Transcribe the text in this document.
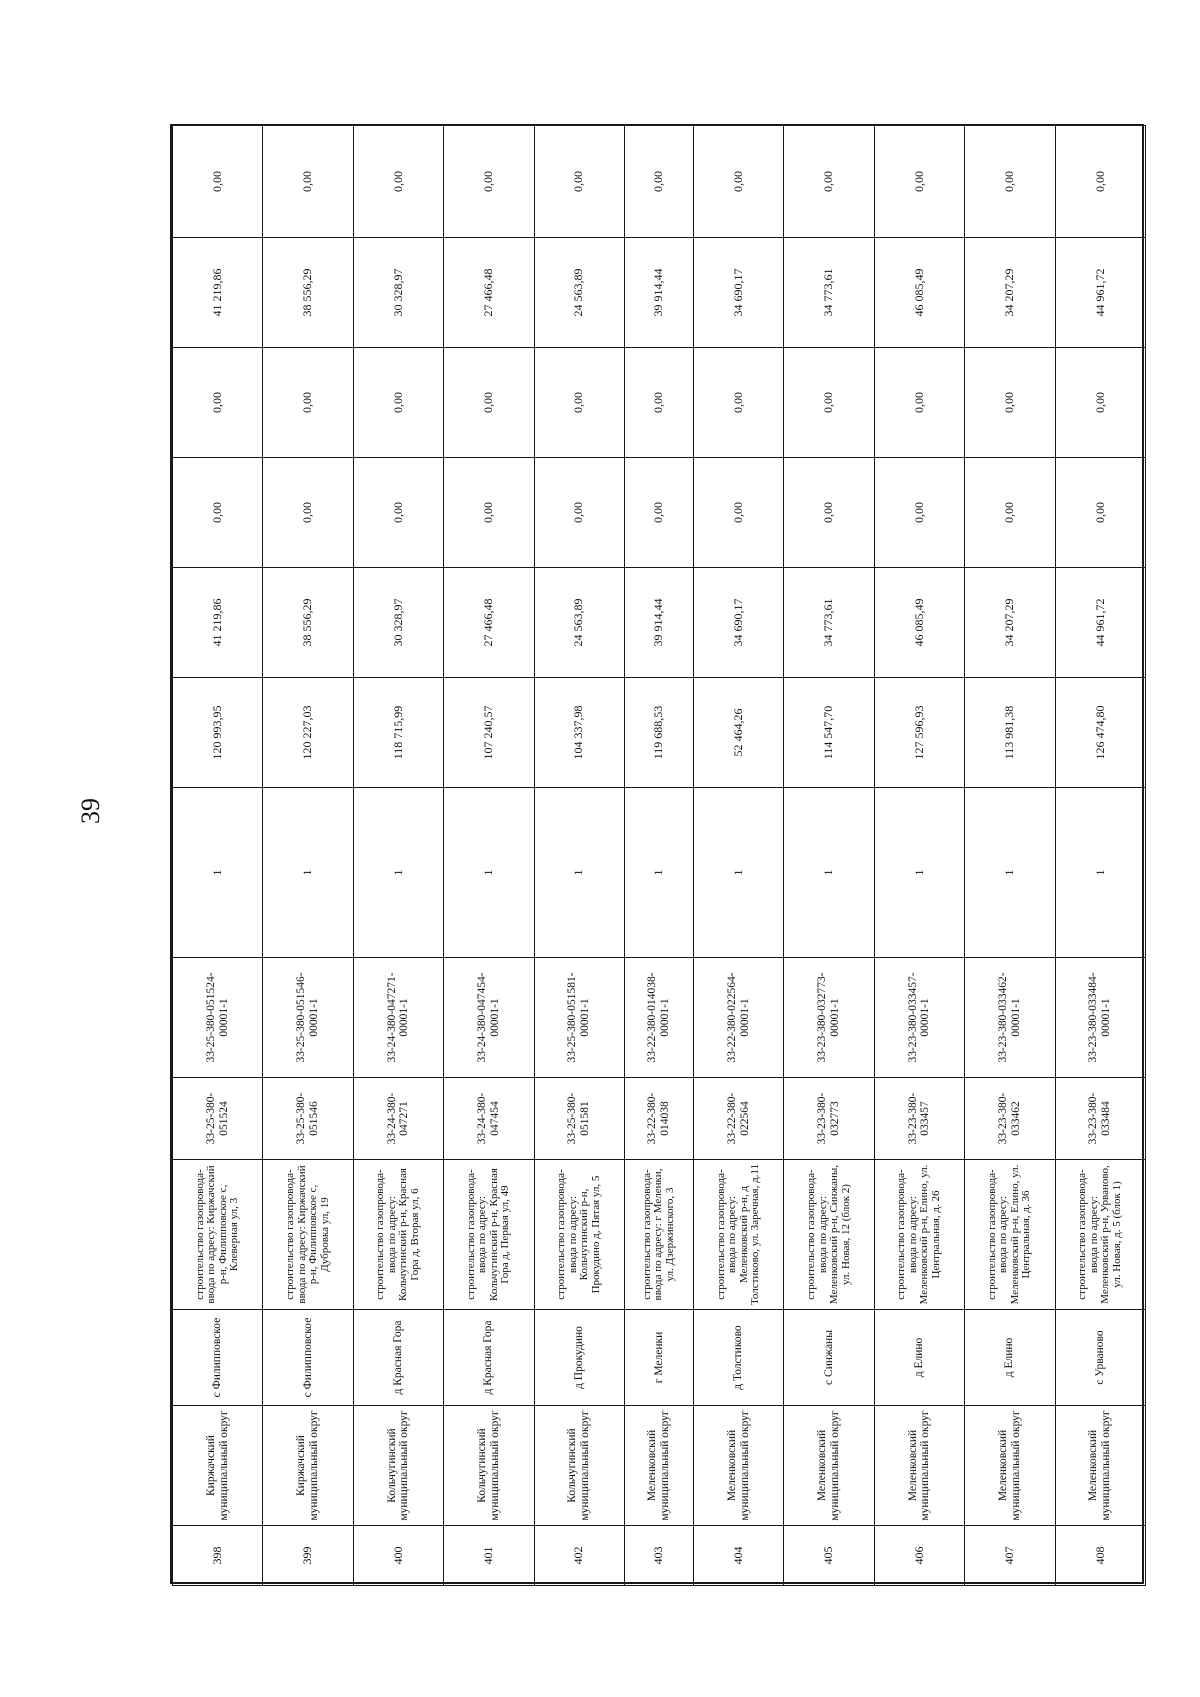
39
398	Киржачский муниципальный округ	с Филипповское	строительство газопровода-ввода по адресу: Киржачский р-н, Филипповское с, Клеверная ул, 3	33-25-380-051524	33-25-380-051524-00001-1	1	120 993,95	41 219,86	0,00	0,00	41 219,86	0,00
399	Киржачский муниципальный округ	с Филипповское	строительство газопровода-ввода по адресу: Киржачский р-н, Филипповское с, Дубровка ул, 19	33-25-380-051546	33-25-380-051546-00001-1	1	120 227,03	38 556,29	0,00	0,00	38 556,29	0,00
400	Кольчугинский муниципальный округ	д Красная Гора	строительство газопровода-ввода по адресу: Кольчугинский р-н, Красная Гора д, Вторая ул, 6	33-24-380-047271	33-24-380-047271-00001-1	1	118 715,99	30 328,97	0,00	0,00	30 328,97	0,00
401	Кольчугинский муниципальный округ	д Красная Гора	строительство газопровода-ввода по адресу: Кольчугинский р-н, Красная Гора д, Первая ул, 49	33-24-380-047454	33-24-380-047454-00001-1	1	107 240,57	27 466,48	0,00	0,00	27 466,48	0,00
402	Кольчугинский муниципальный округ	д Прокудино	строительство газопровода-ввода по адресу: Кольчугинский р-н, Прокудино д, Пятая ул, 5	33-25-380-051581	33-25-380-051581-00001-1	1	104 337,98	24 563,89	0,00	0,00	24 563,89	0,00
403	Меленковский муниципальный округ	г Меленки	строительство газопровода-ввода по адресу: г Меленки, ул. Дзержинского, 3	33-22-380-014038	33-22-380-014038-00001-1	1	119 688,53	39 914,44	0,00	0,00	39 914,44	0,00
404	Меленковский муниципальный округ	д Толстиково	строительство газопровода-ввода по адресу: Меленковский р-н, д Толстиково, ул. Заречная, д.11	33-22-380-022564	33-22-380-022564-00001-1	1	52 464,26	34 690,17	0,00	0,00	34 690,17	0,00
405	Меленковский муниципальный округ	с Синжаны	строительство газопровода-ввода по адресу: Меленковский р-н, Синжаны, ул. Новая, 12 (блок 2)	33-23-380-032773	33-23-380-032773-00001-1	1	114 547,70	34 773,61	0,00	0,00	34 773,61	0,00
406	Меленковский муниципальный округ	д Елино	строительство газопровода-ввода по адресу: Меленковский р-н, Елино, ул. Центральная, д. 26	33-23-380-033457	33-23-380-033457-00001-1	1	127 596,93	46 085,49	0,00	0,00	46 085,49	0,00
407	Меленковский муниципальный округ	д Елино	строительство газопровода-ввода по адресу: Меленковский р-н, Елино, ул. Центральная, д. 36	33-23-380-033462	33-23-380-033462-00001-1	1	113 981,38	34 207,29	0,00	0,00	34 207,29	0,00
408	Меленковский муниципальный округ	с Урвановo	строительство газопровода-ввода по адресу: Меленковский р-н, Урваново, ул. Новая, д. 5 (блок 1)	33-23-380-033484	33-23-380-033484-00001-1	1	126 474,80	44 961,72	0,00	0,00	44 961,72	0,00
